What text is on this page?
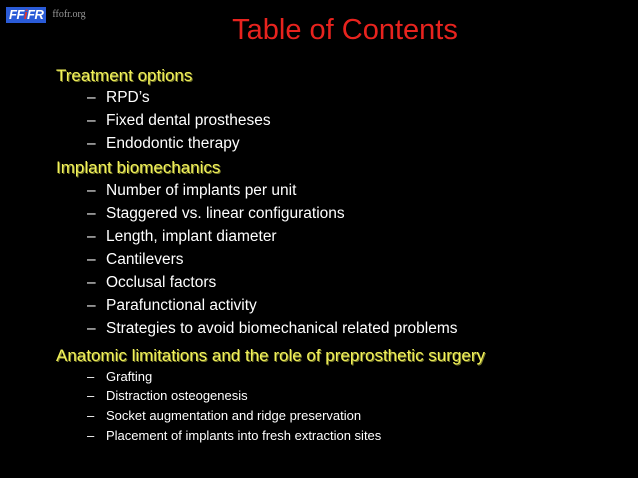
FFiFR ffofr.org	Table of Contents
Treatment options
– RPD’s
– Fixed dental prostheses
– Endodontic therapy
Implant biomechanics
– Number of implants per unit
– Staggered vs. linear configurations
– Length, implant diameter
– Cantilevers
– Occlusal factors
– Parafunctional activity
– Strategies to avoid biomechanical related problems
Anatomic limitations and the role of preprosthetic surgery
– Grafting
– Distraction osteogenesis
– Socket augmentation and ridge preservation
– Placement of implants into fresh extraction sites
